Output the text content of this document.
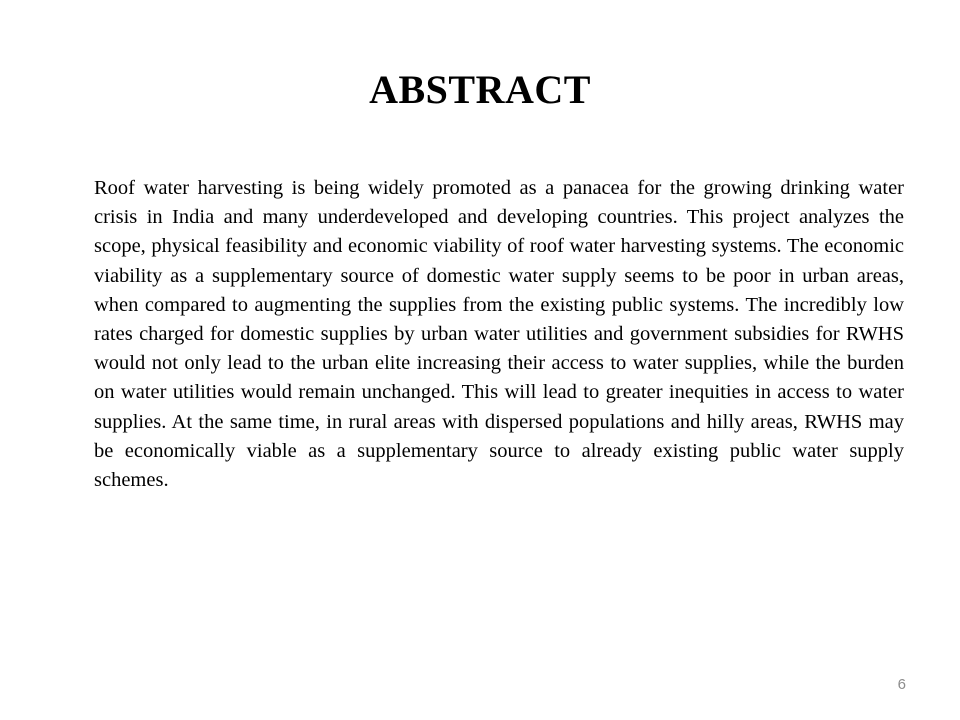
ABSTRACT

Roof water harvesting is being widely promoted as a panacea for the growing drinking water crisis in India and many underdeveloped and developing countries. This project analyzes the scope, physical feasibility and economic viability of roof water harvesting systems. The economic viability as a supplementary source of domestic water supply seems to be poor in urban areas, when compared to augmenting the supplies from the existing public systems. The incredibly low rates charged for domestic supplies by urban water utilities and government subsidies for RWHS would not only lead to the urban elite increasing their access to water supplies, while the burden on water utilities would remain unchanged. This will lead to greater inequities in access to water supplies. At the same time, in rural areas with dispersed populations and hilly areas, RWHS may be economically viable as a supplementary source to already existing public water supply schemes.

6
